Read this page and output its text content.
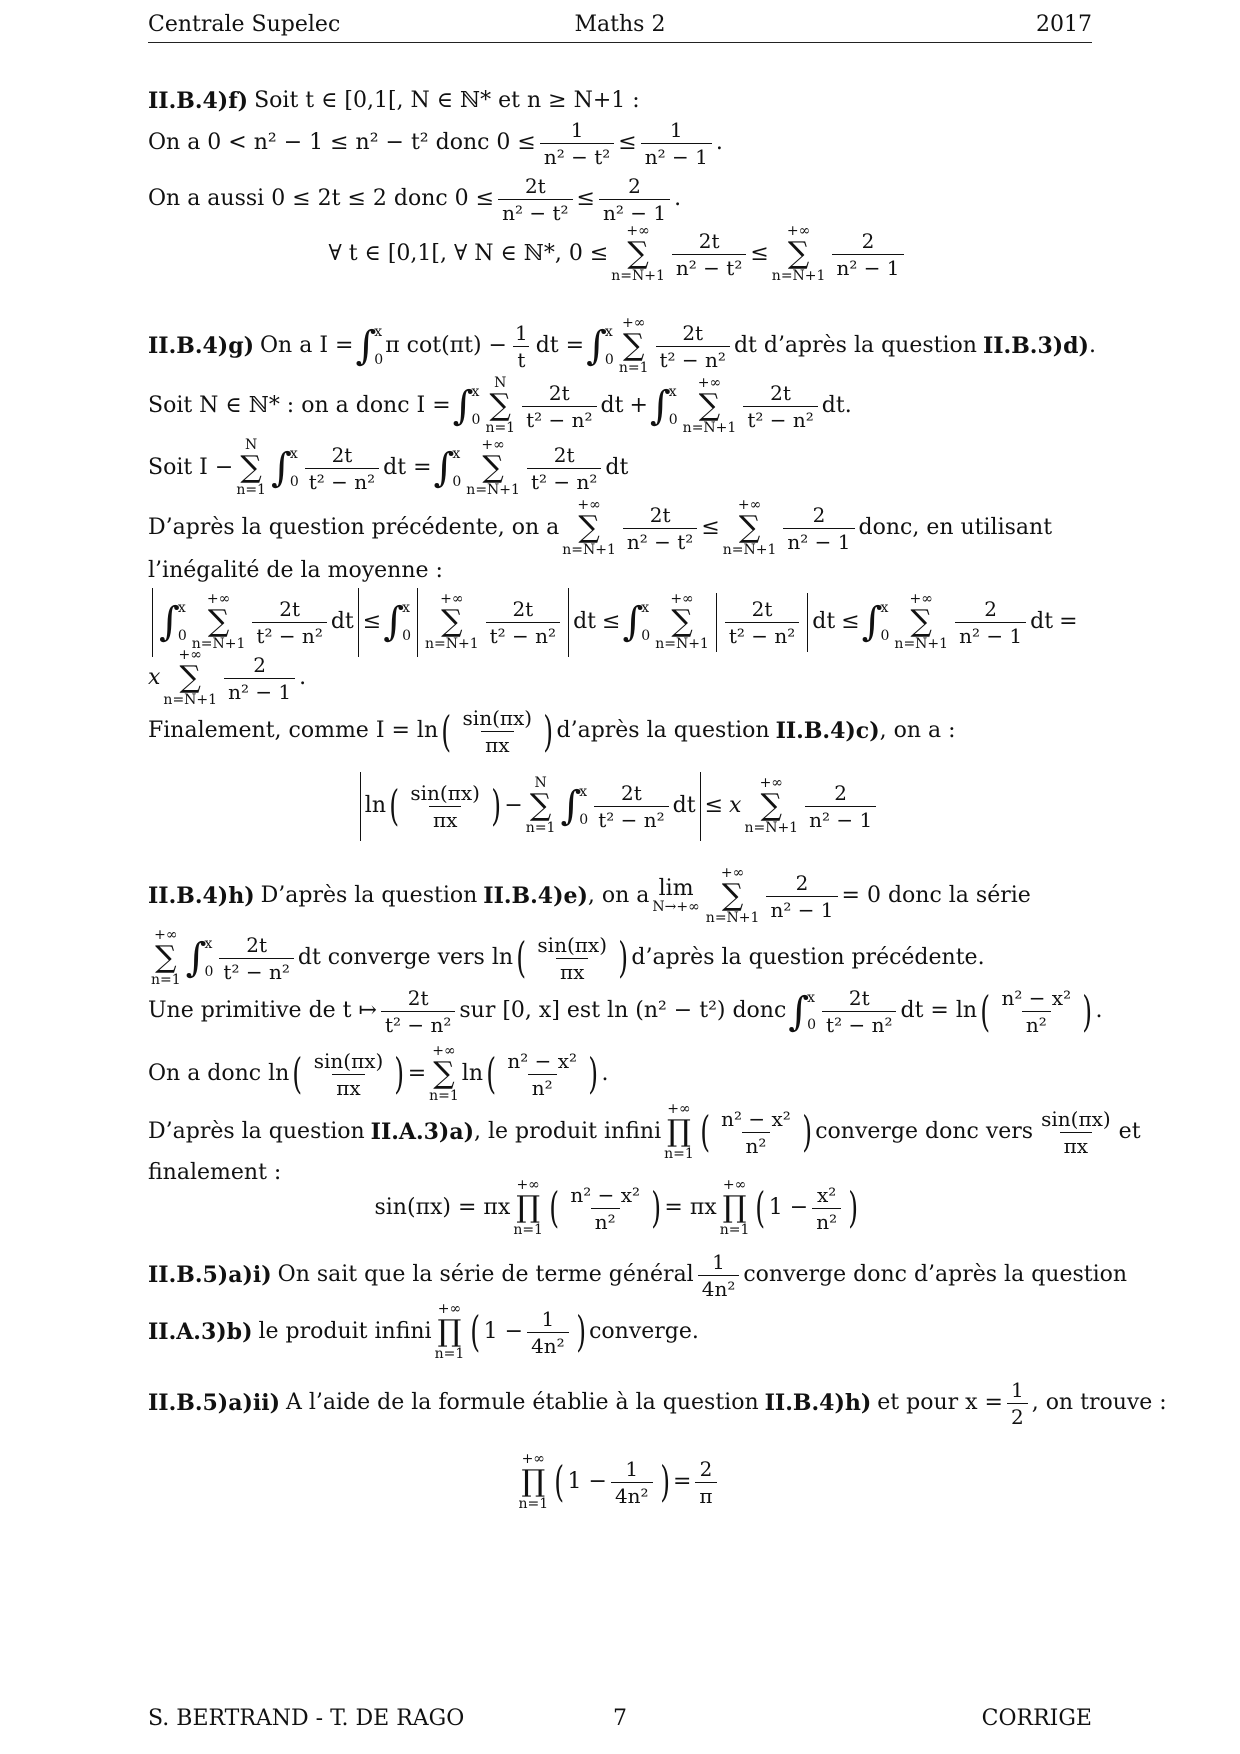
Centrale Supelec	Maths 2	2017
II.B.4)f) Soit t ∈ [0,1[, N ∈ ℕ* et n ≥ N+1 :
On a 0 < n² − 1 ≤ n² − t² donc $0 \le \frac{1}{\text{n² − t²}} \le \frac{1}{\text{n² − 1}}$ .
On a aussi 0 ≤ 2t ≤ 2 donc $0 \le \frac{2t}{\text{n² − t²}} \le \frac{2}{\text{n² − 1}}$ .
∀ t ∈ [0,1[, ∀ N ∈ ℕ*, 0 ≤
+∞
∑
$n=N+1 \frac{2t}{\text{n² − t²}}$ ≤
+∞
∑
$n=N+1 \frac{2}{\text{n² − 1}}$
II.B.4)g) On a I = ∫
x
0
π $\cot(\pi t) - \frac{1}{t}$ dt = ∫
x
0
+∞
∑
$n=1 \frac{2t}{\text{t² − n²}}$ dt d’après la question II.B.3)d) .
Soit N ∈ ℕ* : on a donc I = ∫
x
0
N
∑
$n=1 \frac{2t}{\text{t² − n²}}$ dt + ∫
x
0
+∞
∑
$n=N+1 \frac{2t}{\text{t² − n²}}$ dt .
Soit I −
N
∑
n=1 ∫
x
$0 \frac{2t}{\text{t² − n²}}$ dt = ∫
x
0
+∞
∑
$n=N+1 \frac{2t}{\text{t² − n²}}$ dt
D’après la question précédente, on a
+∞
∑
$n=N+1 \frac{2t}{\text{n² − t²}}$ ≤
+∞
∑
$n=N+1 \frac{2}{\text{n² − 1}}$ donc, en utilisant
l’inégalité de la moyenne :
∫
x
0
+∞
∑
$n=N+1 \frac{2t}{\text{t² − n²}}$ dt ≤ ∫
x
0
+∞
∑
$n=N+1 \frac{2t}{\text{t² − n²}}$ dt ≤ ∫
x
0
+∞
∑
$n=N+1 \frac{2t}{\text{t² − n²}}$ dt ≤ ∫
x
0
+∞
∑
$n=N+1 \frac{2}{\text{n² − 1}}$ dt =
x
+∞
∑
$n=N+1 \frac{2}{\text{n² − 1}}$ .
Finalement, comme I = ln ( $\frac{\sin(\pi x)}{\pi x}$ ) d’après la question II.B.4)c) , on a :
ln ( $\frac{\sin(\pi x)}{\pi x}$ ) −
N
∑
n=1 ∫
x
$0 \frac{2t}{\text{t² − n²}}$ dt ≤ x
+∞
∑
$n=N+1 \frac{2}{\text{n² − 1}}$
II.B.4)h) D’après la question II.B.4)e) , on a lim
N→+∞
+∞
∑
$n=N+1 \frac{2}{\text{n² − 1}} = 0$ donc la série
+∞
∑
n=1 ∫
x
$0 \frac{2t}{\text{t² − n²}}$ dt converge vers ln ( $\frac{\sin(\pi x)}{\pi x}$ ) d’après la question précédente.
Une primitive de t ↦ $\frac{2t}{\text{t² − n²}}$ sur [0, x] est ln (n² − t²) donc ∫
x
$0 \frac{2t}{\text{t² − n²}}$ dt = ln ( $\frac{\text{n² − x²}}{\text{n²}}$ ) .
On a donc ln ( $\frac{\sin(\pi x)}{\pi x}$ ) =
+∞
∑
n=1
ln ( $\frac{\text{n² − x²}}{\text{n²}}$ ) .
D’après la question II.A.3)a) , le produit infini
+∞
∏
n=1 ( $\frac{\text{n² − x²}}{\text{n²}}$ ) converge donc vers $\frac{\sin(\pi x)}{\pi x}$ et
finalement :
sin(πx) = πx
+∞
∏
n=1 ( $\frac{\text{n² − x²}}{\text{n²}}$ ) = πx
+∞
∏
n=1 ( $1 - \frac{\text{x²}}{\text{n²}}$ )
II.B.5)a)i) On sait que la série de terme général $\frac{1}{\text{4n²}}$ converge donc d’après la question
II.A.3)b) le produit infini
+∞
∏
n=1 ( $1 - \frac{1}{\text{4n²}}$ ) converge.
II.B.5)a)ii) A l’aide de la formule établie à la question II.B.4)h) et pour $x = \frac{1}{2}$ , on trouve :
+∞
∏
n=1 ( $1 - \frac{1}{\text{4n²}}$ ) = $\frac{2}{\pi}$
S. BERTRAND - T. DE RAGO	7	CORRIGE
